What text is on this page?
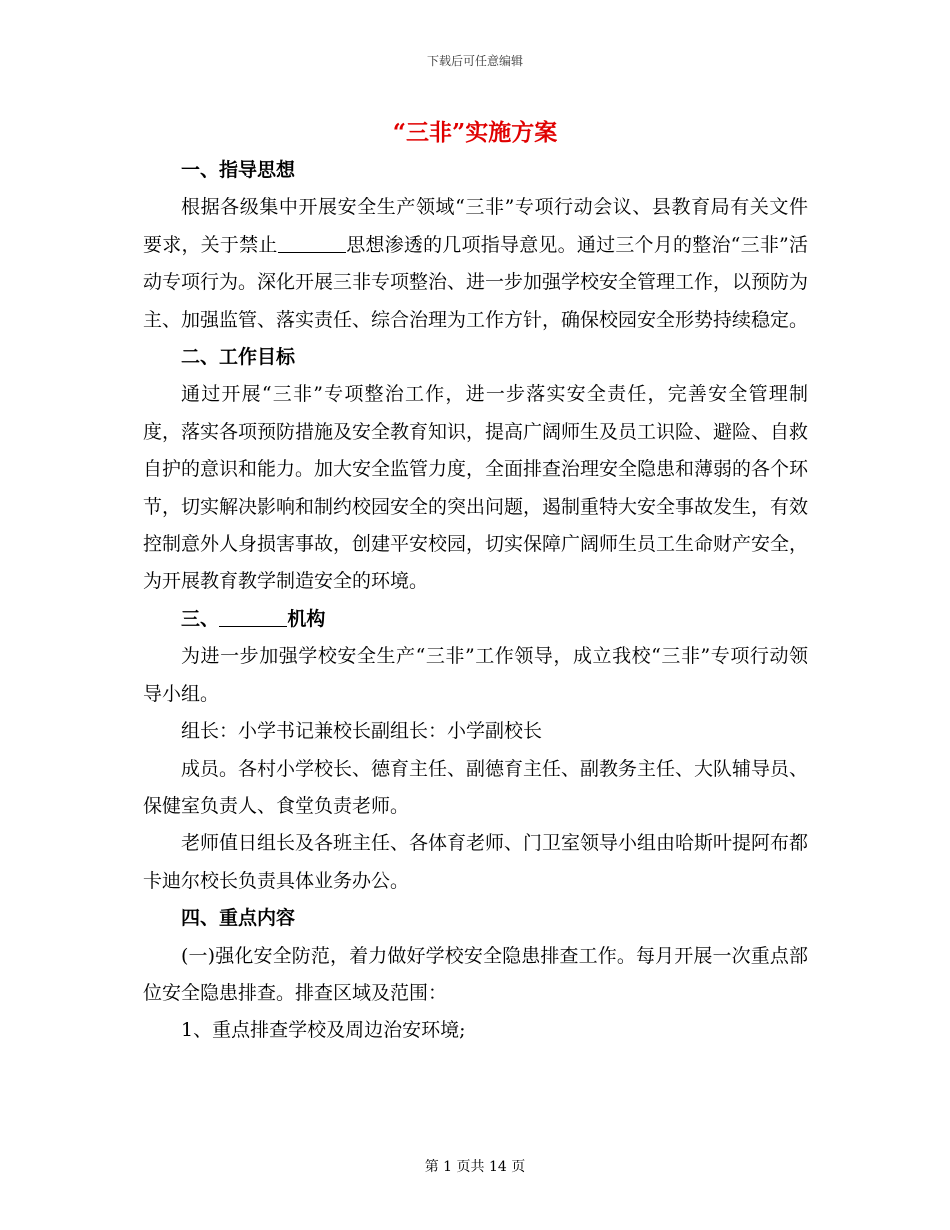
下载后可任意编辑
“三非”实施方案
一、指导思想

根据各级集中开展安全生产领域“三非”专项行动会议、县教育局有关文件要求，关于禁止	思想渗透的几项指导意见。通过三个月的整治“三非”活动专项行为。深化开展三非专项整治、进一步加强学校安全管理工作，以预防为主、加强监管、落实责任、综合治理为工作方针，确保校园安全形势持续稳定。

二、工作目标

通过开展“三非”专项整治工作，进一步落实安全责任，完善安全管理制度，落实各项预防措施及安全教育知识，提高广阔师生及员工识险、避险、自救自护的意识和能力。加大安全监管力度，全面排查治理安全隐患和薄弱的各个环节，切实解决影响和制约校园安全的突出问题，遏制重特大安全事故发生，有效控制意外人身损害事故，创建平安校园，切实保障广阔师生员工生命财产安全，为开展教育教学制造安全的环境。

三、	机构

为进一步加强学校安全生产“三非”工作领导，成立我校“三非”专项行动领导小组。

组长：小学书记兼校长副组长：小学副校长

成员。各村小学校长、德育主任、副德育主任、副教务主任、大队辅导员、保健室负责人、食堂负责老师。

老师值日组长及各班主任、各体育老师、门卫室领导小组由哈斯叶提阿布都卡迪尔校长负责具体业务办公。

四、重点内容

(一)强化安全防范，着力做好学校安全隐患排查工作。每月开展一次重点部位安全隐患排查。排查区域及范围：

1、重点排查学校及周边治安环境;

第 1 页共 14 页
